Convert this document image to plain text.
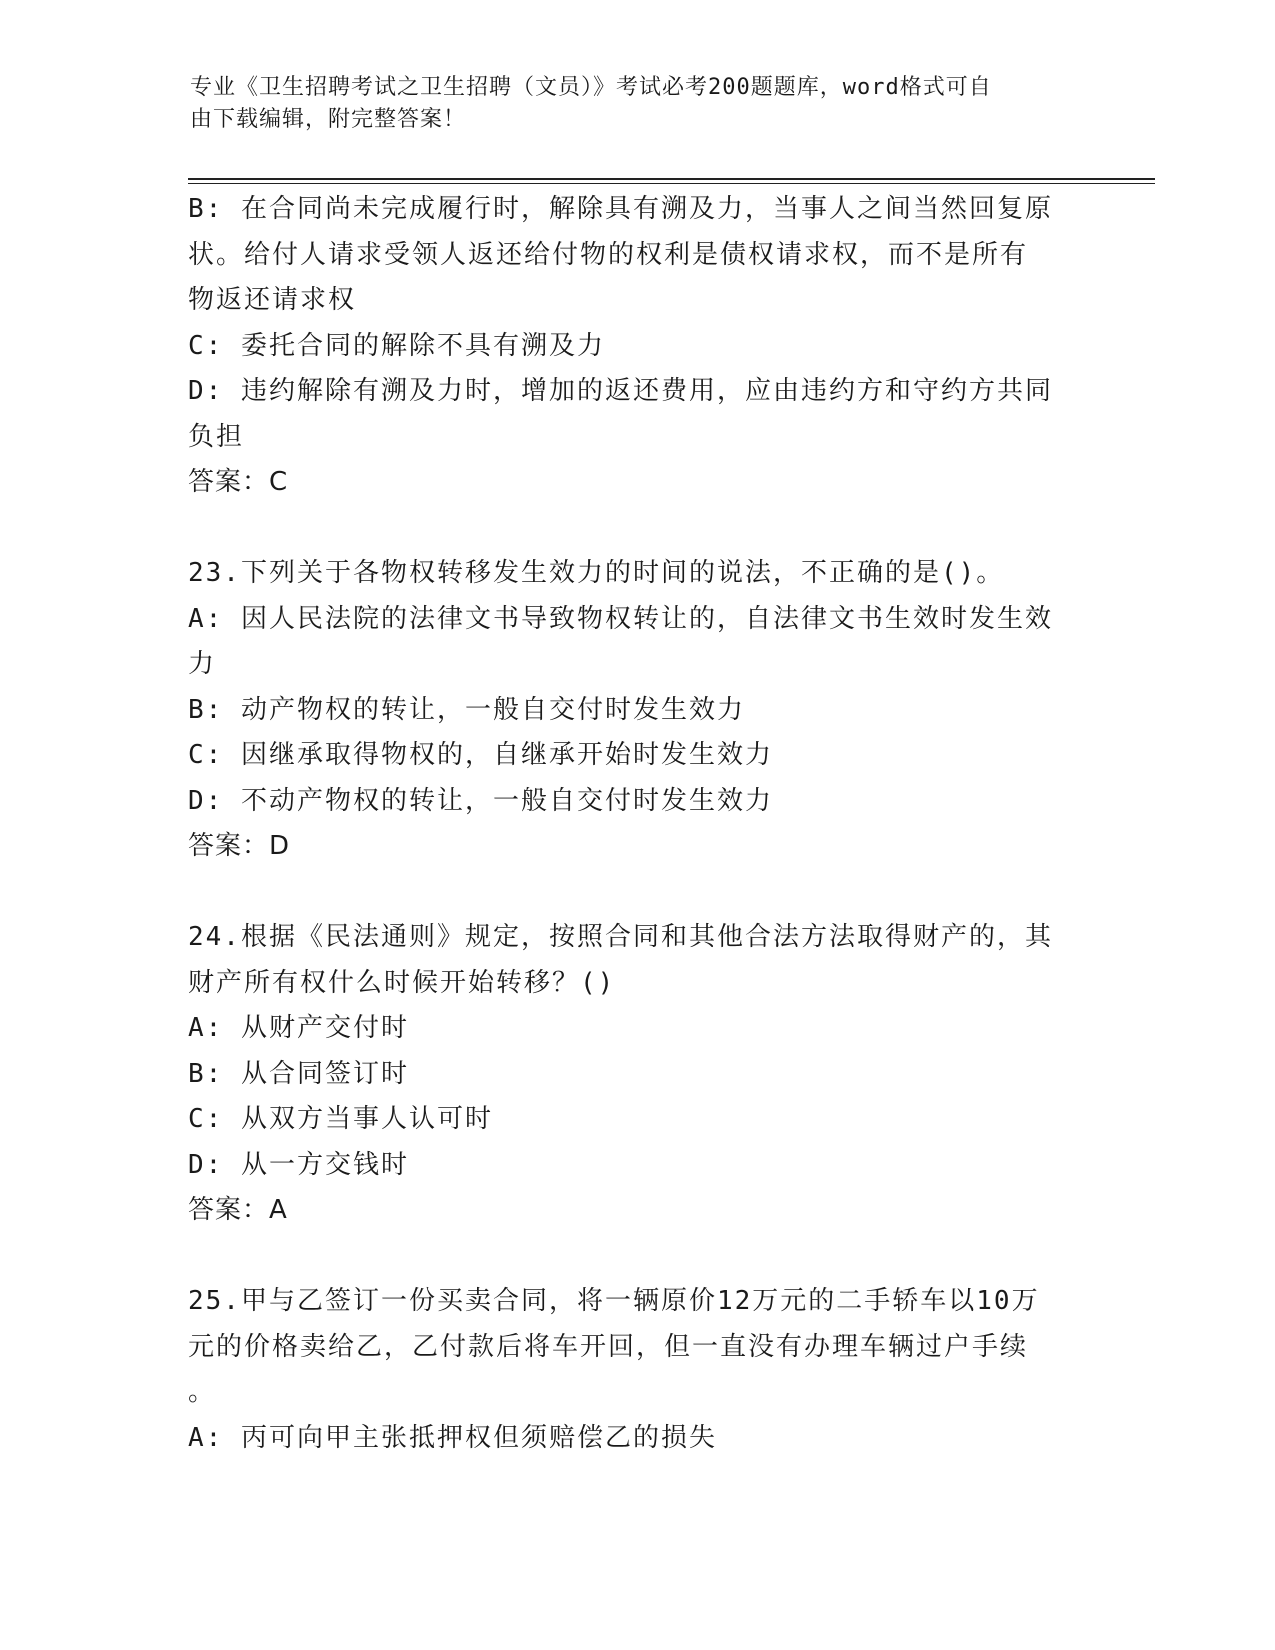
专业《卫生招聘考试之卫生招聘（文员）》考试必考200题题库，word格式可自
由下载编辑，附完整答案！
B: 在合同尚未完成履行时，解除具有溯及力，当事人之间当然回复原
状。给付人请求受领人返还给付物的权利是债权请求权，而不是所有
物返还请求权
C: 委托合同的解除不具有溯及力
D: 违约解除有溯及力时，增加的返还费用，应由违约方和守约方共同
负担
答案：C
23.下列关于各物权转移发生效力的时间的说法，不正确的是()。
A: 因人民法院的法律文书导致物权转让的，自法律文书生效时发生效
力
B: 动产物权的转让，一般自交付时发生效力
C: 因继承取得物权的，自继承开始时发生效力
D: 不动产物权的转让，一般自交付时发生效力
答案：D
24.根据《民法通则》规定，按照合同和其他合法方法取得财产的，其
财产所有权什么时候开始转移？()
A: 从财产交付时
B: 从合同签订时
C: 从双方当事人认可时
D: 从一方交钱时
答案：A
25.甲与乙签订一份买卖合同，将一辆原价12万元的二手轿车以10万
元的价格卖给乙，乙付款后将车开回，但一直没有办理车辆过户手续
。
A: 丙可向甲主张抵押权但须赔偿乙的损失
